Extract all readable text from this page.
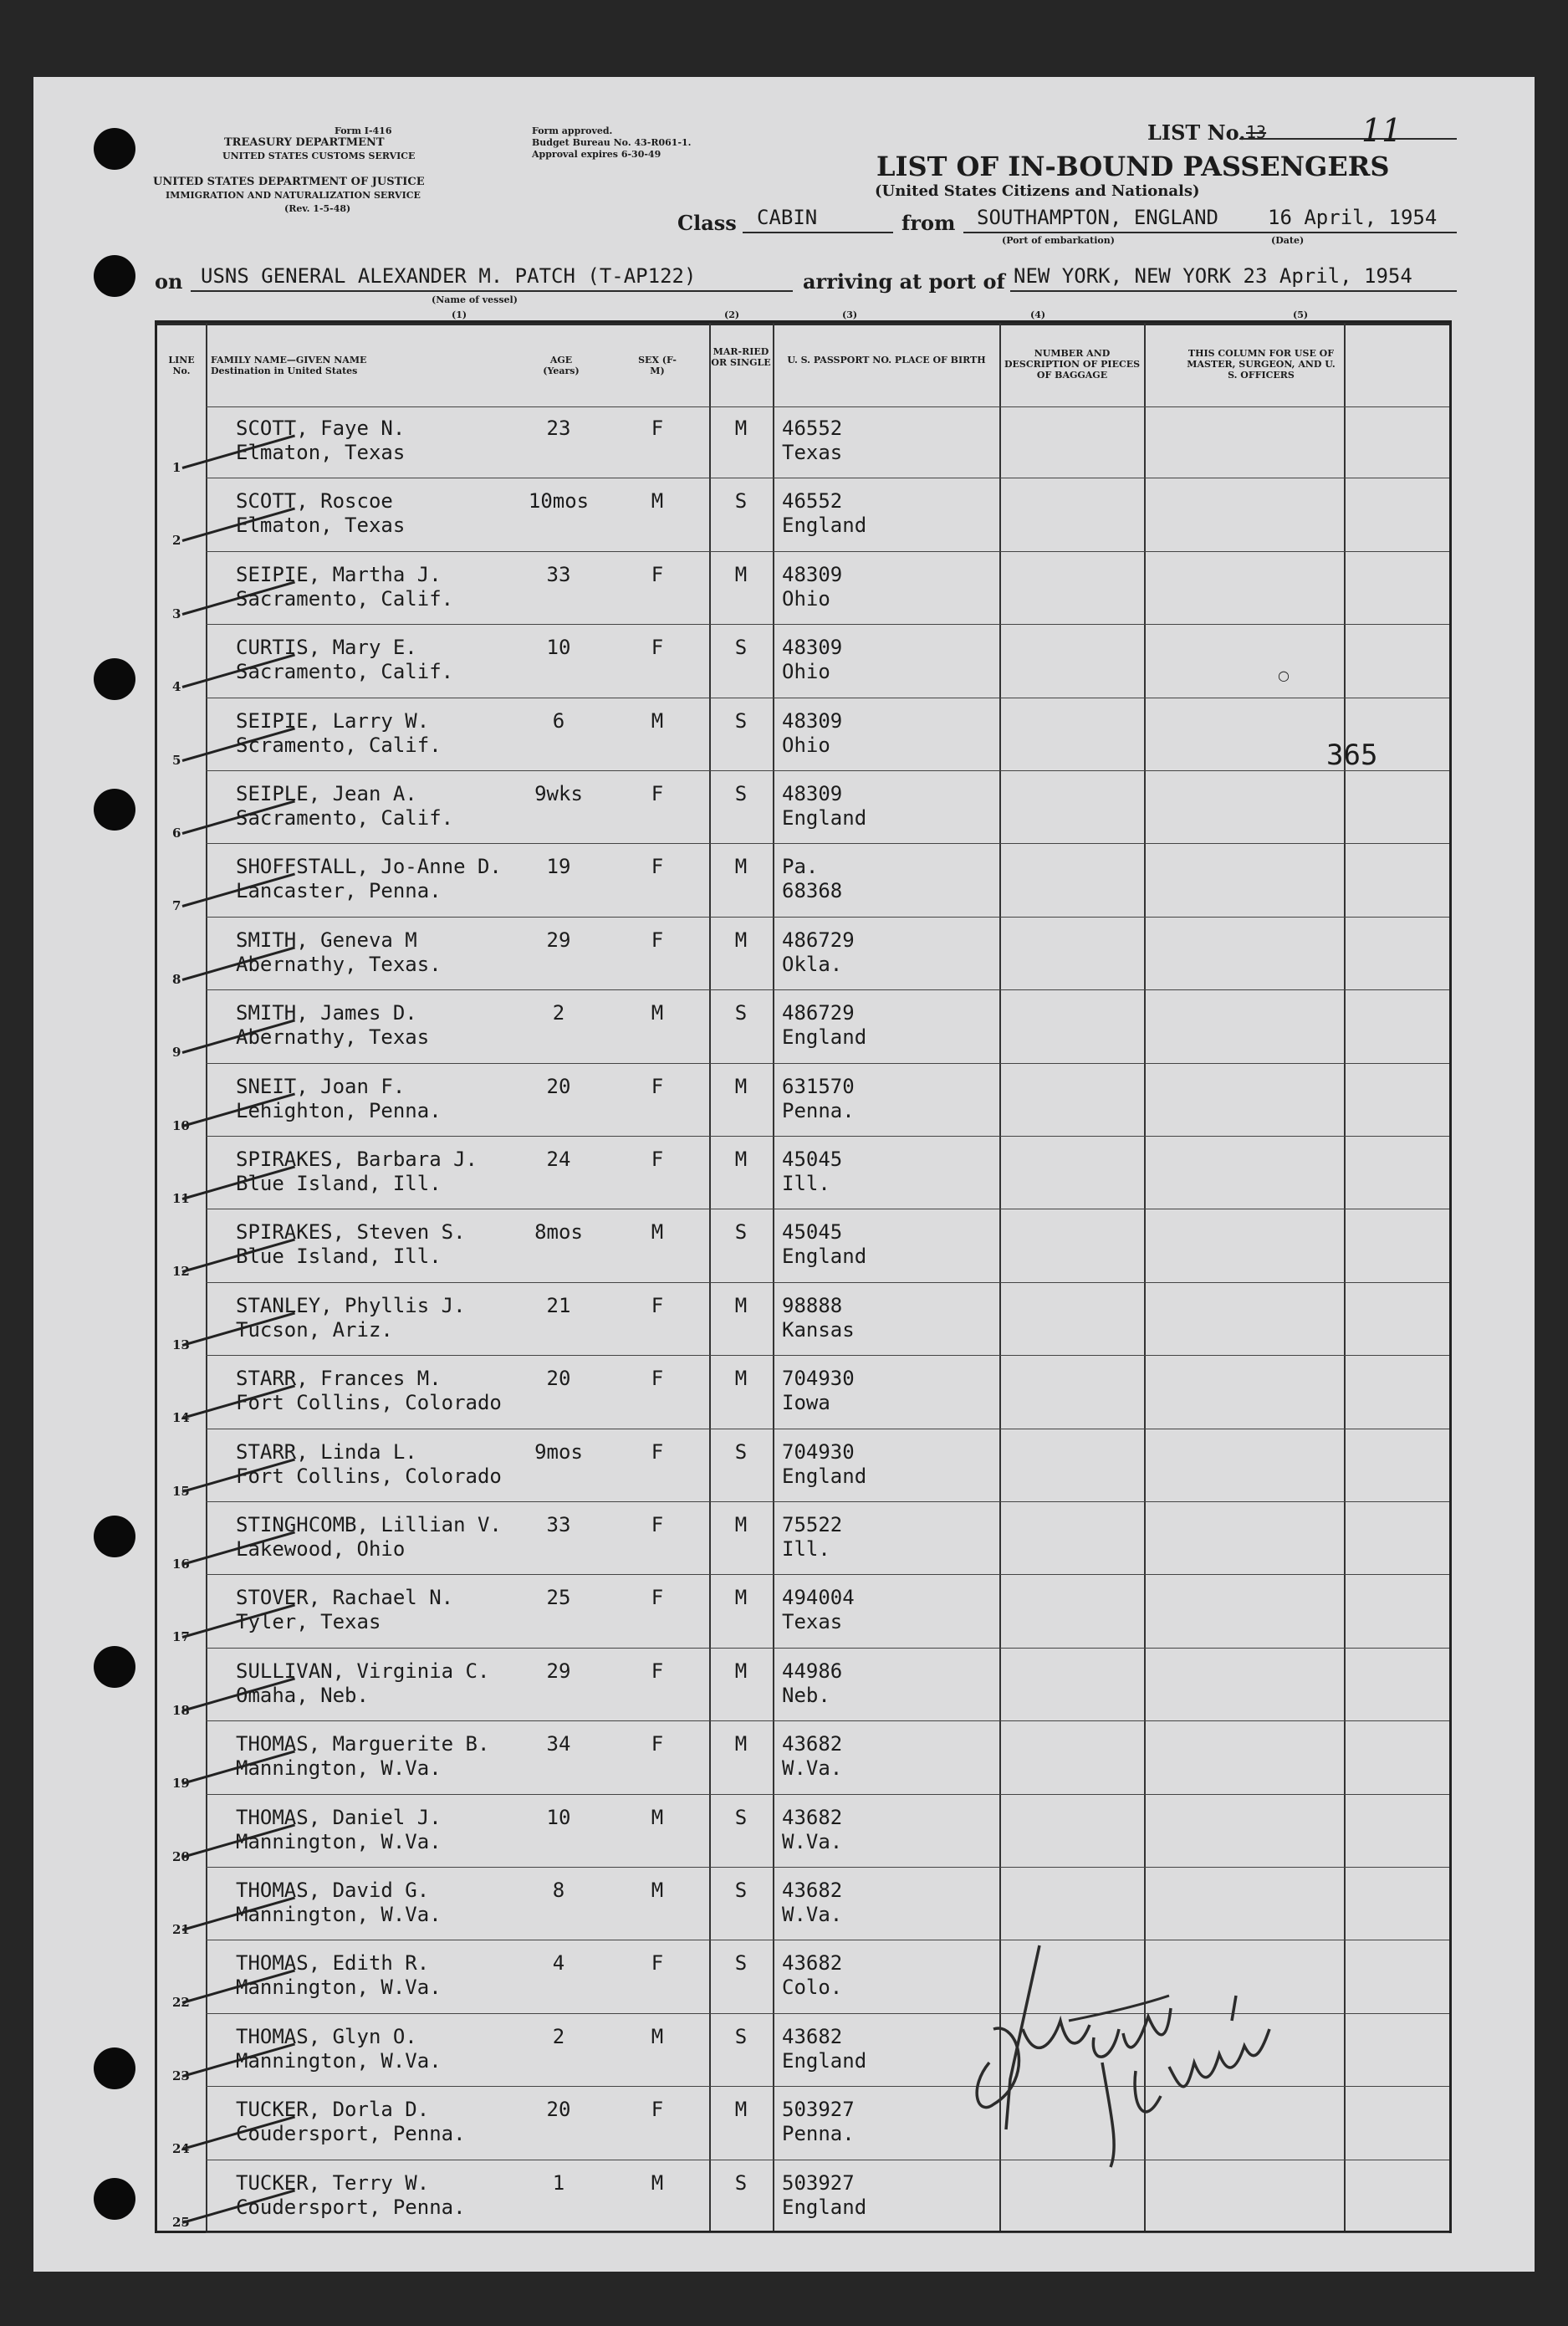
Form I-416
TREASURY DEPARTMENT
UNITED STATES CUSTOMS SERVICE
UNITED STATES DEPARTMENT OF JUSTICE
IMMIGRATION AND NATURALIZATION SERVICE
(Rev. 1-5-48)
Form approved.
Budget Bureau No. 43-R061-1.
Approval expires 6-30-49
LIST No. 13	11
LIST OF IN-BOUND PASSENGERS
(United States Citizens and Nationals)
Class CABIN	from SOUTHAMPTON, ENGLAND 16 April, 1954
(Port of embarkation)	(Date)
on USNS GENERAL ALEXANDER M. PATCH (T-AP122)	arriving at port of NEW YORK, NEW YORK 23 April, 1954
(Name of vessel)
(1)	(2)	(3)	(4)	(5)
LINE No.
FAMILY NAME—GIVEN NAME Destination in United States
AGE (Years)
SEX (F-M)
MAR-RIED OR SINGLE	U. S. PASSPORT NO. PLACE OF BIRTH
NUMBER AND DESCRIPTION OF PIECES OF BAGGAGE
THIS COLUMN FOR USE OF MASTER, SURGEON, AND U. S. OFFICERS
1
SCOTT, Faye N.
Elmaton, Texas
23	F	M 46552
Texas
2
SCOTT, Roscoe
Elmaton, Texas
10mos	M	S 46552
England
3
SEIPIE, Martha J.
Sacramento, Calif.
33	F	M 48309
Ohio
4
CURTIS, Mary E.
Sacramento, Calif.
10	F	S 48309
Ohio
5
SEIPIE, Larry W.
Scramento, Calif.
6	M	S 48309
Ohio
6
SEIPLE, Jean A.
Sacramento, Calif.
9wks	F	S 48309
England
7
SHOFFSTALL, Jo-Anne D.
Lancaster, Penna.
19	F	M Pa.
68368
8
SMITH, Geneva M
Abernathy, Texas.
29	F	M 486729
Okla.
9
SMITH, James D.
Abernathy, Texas
2	M	S 486729
England
10
SNEIT, Joan F.
Lehighton, Penna.
20	F	M 631570
Penna.
11
SPIRAKES, Barbara J.
Blue Island, Ill.
24	F	M 45045
Ill.
12
SPIRAKES, Steven S.
Blue Island, Ill.
8mos	M	S 45045
England
13
STANLEY, Phyllis J.
Tucson, Ariz.
21	F	M 98888
Kansas
14
STARR, Frances M.
Fort Collins, Colorado
20	F	M 704930
Iowa
15
STARR, Linda L.
Fort Collins, Colorado
9mos	F	S 704930
England
16
STINGHCOMB, Lillian V.
Lakewood, Ohio
33	F	M 75522
Ill.
17
STOVER, Rachael N.
Tyler, Texas
25	F	M 494004
Texas
18
SULLIVAN, Virginia C.
Omaha, Neb.
29	F	M 44986
Neb.
19
THOMAS, Marguerite B.
Mannington, W.Va.
34	F	M 43682
W.Va.
20
THOMAS, Daniel J.
Mannington, W.Va.
10	M	S 43682
W.Va.
21
THOMAS, David G.
Mannington, W.Va.
8	M	S 43682
W.Va.
22
THOMAS, Edith R.
Mannington, W.Va.
4	F	S 43682
Colo.
23
THOMAS, Glyn O.
Mannington, W.Va.
2	M	S 43682
England
24
TUCKER, Dorla D.
Coudersport, Penna.
20	F	M 503927
Penna.
25
TUCKER, Terry W.
Coudersport, Penna.
1	M	S 503927
England
365
○
